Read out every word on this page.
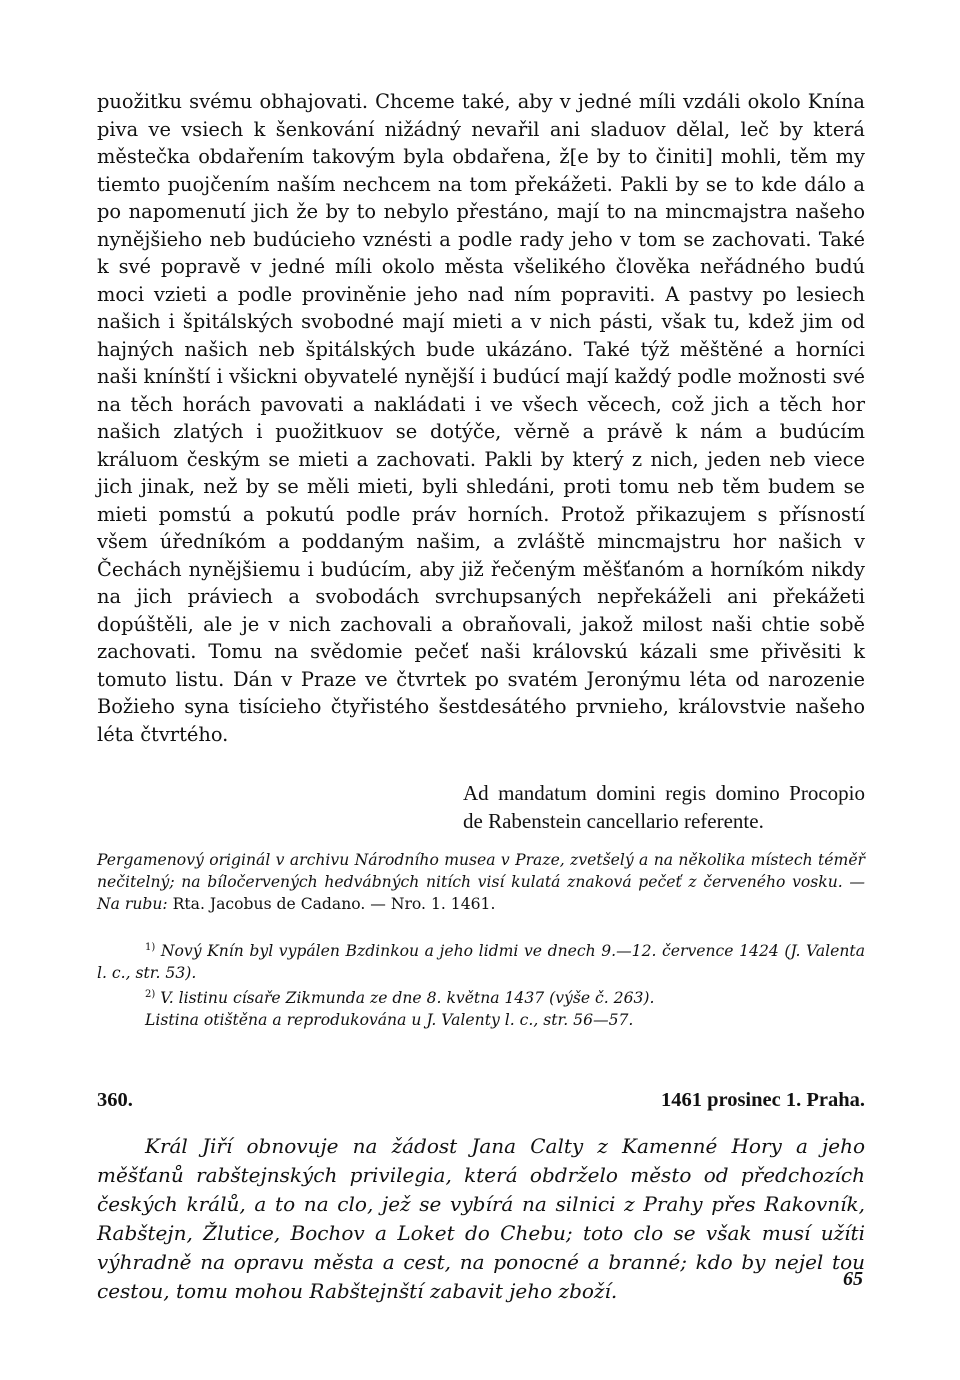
puožitku svému obhajovati. Chceme také, aby v jedné míli vzdáli okolo Knína piva ve vsiech k šenkování nižádný nevařil ani sladuov dělal, leč by která městečka obdařením takovým byla obdařena, ž[e by to činiti] mohli, těm my tiemto puojčením naším nechcem na tom překážeti. Pakli by se to kde dálo a po napomenutí jich že by to nebylo přestáno, mají to na mincmajstra našeho nynějšieho neb budúcieho vznésti a podle rady jeho v tom se zachovati. Také k své popravě v jedné míli okolo města všelikého člověka neřádného budú moci vzieti a podle proviněnie jeho nad ním popraviti. A pastvy po lesiech našich i špitálských svobodné mají mieti a v nich pásti, však tu, kdež jim od hajných našich neb špitálských bude ukázáno. Také týž měštěné a horníci naši knínští i všickni obyvatelé nynější i budúcí mají každý podle možnosti své na těch horách pavovati a nakládati i ve všech věcech, což jich a těch hor našich zlatých i puožitkuov se dotýče, věrně a právě k nám a budúcím králuom českým se mieti a zachovati. Pakli by který z nich, jeden neb viece jich jinak, než by se měli mieti, byli shledáni, proti tomu neb těm budem se mieti pomstú a pokutú podle práv horních. Protož přikazujem s přísností všem úředníkóm a poddaným našim, a zvláště mincmajstru hor našich v Čechách nynějšiemu i budúcím, aby již řečeným měšťanóm a horníkóm nikdy na jich práviech a svobodách svrchupsaných nepřekáželi ani překážeti dopúštěli, ale je v nich zachovali a obraňovali, jakož milost naši chtie sobě zachovati. Tomu na svědomie pečeť naši královskú kázali sme přivěsiti k tomuto listu. Dán v Praze ve čtvrtek po svatém Jeronýmu léta od narozenie Božieho syna tisícieho čtyřistého šestdesátého prvnieho, královstvie našeho léta čtvrtého.

Ad mandatum domini regis domino Procopio de Rabenstein cancellario referente.

Pergamenový originál v archivu Národního musea v Praze, zvetšelý a na několika místech téměř nečitelný; na bíločervených hedvábných nitích visí kulatá znaková pečeť z červeného vosku. — Na rubu: Rta. Jacobus de Cadano. — Nro. 1. 1461.

$^{1)}$ Nový Knín byl vypálen Bzdinkou a jeho lidmi ve dnech 9.—12. července 1424 (J. Valenta l. c., str. 53).

$^{2)}$ V. listinu císaře Zikmunda ze dne 8. května 1437 (výše č. 263).

Listina otištěna a reprodukována u J. Valenty l. c., str. 56—57.

360.	1461 prosinec 1. Praha.

Král Jiří obnovuje na žádost Jana Calty z Kamenné Hory a jeho měšťanů rabštejnských privilegia, která obdrželo město od předchozích českých králů, a to na clo, jež se vybírá na silnici z Prahy přes Rakovník, Rabštejn, Žlutice, Bochov a Loket do Chebu; toto clo se však musí užíti výhradně na opravu města a cest, na ponocné a branné; kdo by nejel tou cestou, tomu mohou Rabštejnští zabavit jeho zboží.

65
